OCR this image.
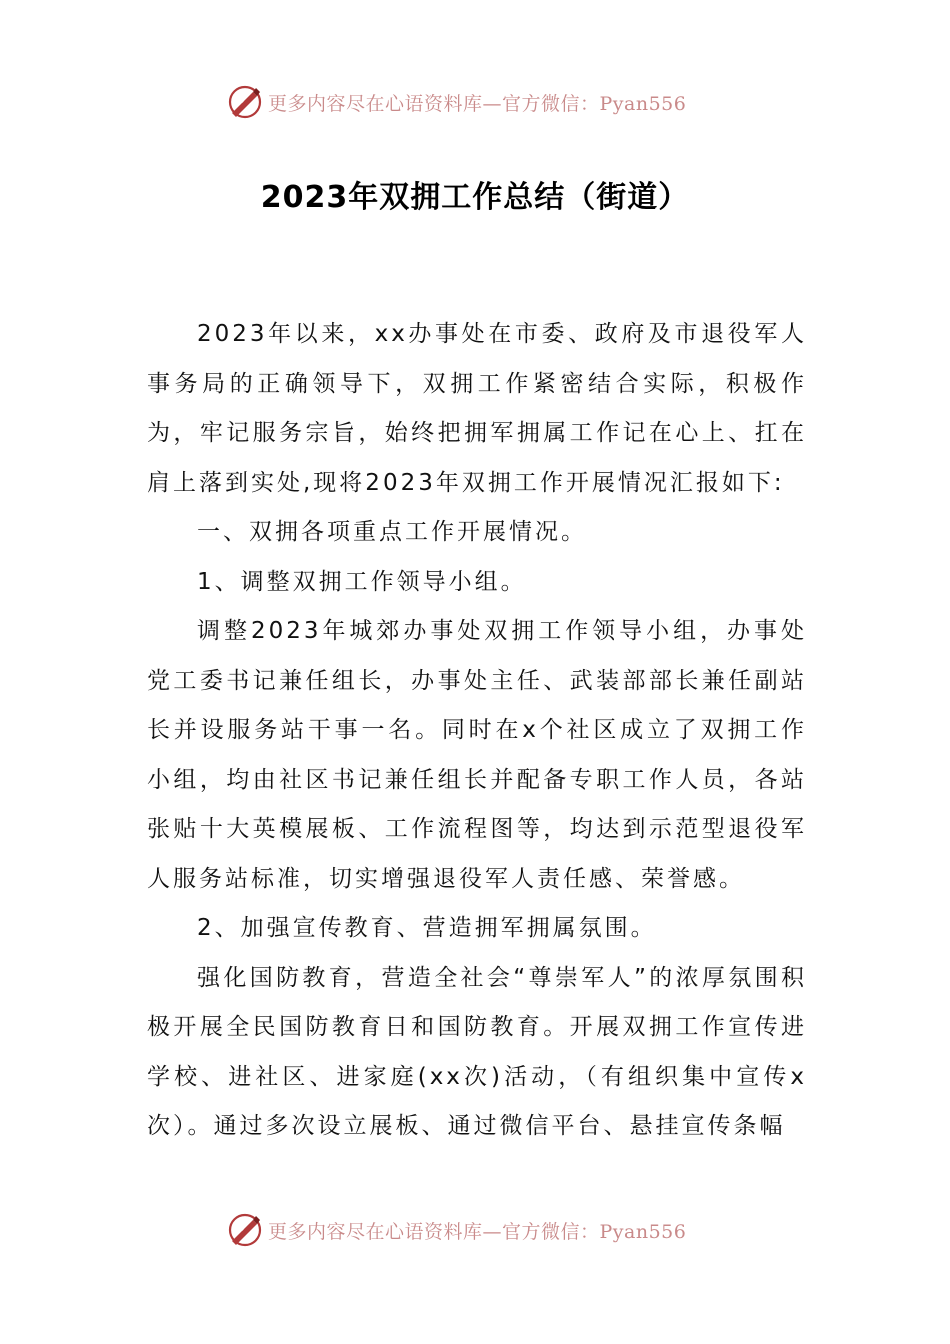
更多内容尽在心语资料库—官方微信：Pyan556
2023年双拥工作总结（街道）

2023年以来，xx办事处在市委、政府及市退役军人事务局的正确领导下，双拥工作紧密结合实际，积极作为，牢记服务宗旨，始终把拥军拥属工作记在心上、扛在肩上落到实处,现将2023年双拥工作开展情况汇报如下:

一、双拥各项重点工作开展情况。

1、调整双拥工作领导小组。

调整2023年城郊办事处双拥工作领导小组，办事处党工委书记兼任组长，办事处主任、武装部部长兼任副站长并设服务站干事一名。同时在x个社区成立了双拥工作小组，均由社区书记兼任组长并配备专职工作人员，各站张贴十大英模展板、工作流程图等，均达到示范型退役军人服务站标准，切实增强退役军人责任感、荣誉感。

2、加强宣传教育、营造拥军拥属氛围。

强化国防教育，营造全社会“尊崇军人”的浓厚氛围积极开展全民国防教育日和国防教育。开展双拥工作宣传进学校、进社区、进家庭(xx次)活动，（有组织集中宣传x次）。通过多次设立展板、通过微信平台、悬挂宣传条幅

更多内容尽在心语资料库—官方微信：Pyan556
